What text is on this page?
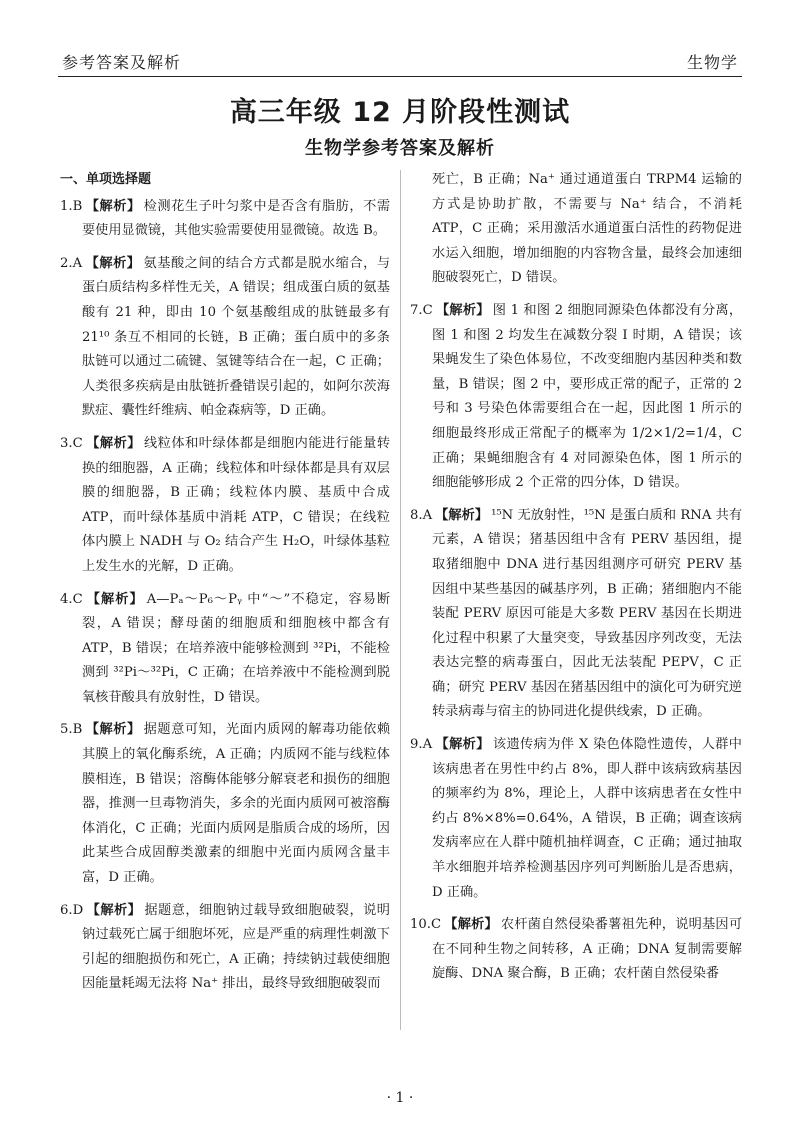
参考答案及解析	生物学
高三年级 12 月阶段性测试
生物学参考答案及解析
一、单项选择题
1.B 【解析】 检测花生子叶匀浆中是否含有脂肪，不需要使用显微镜，其他实验需要使用显微镜。故选 B。
2.A 【解析】 氨基酸之间的结合方式都是脱水缩合，与蛋白质结构多样性无关，A 错误；组成蛋白质的氨基酸有 21 种，即由 10 个氨基酸组成的肽链最多有 21¹⁰ 条互不相同的长链，B 正确；蛋白质中的多条肽链可以通过二硫键、氢键等结合在一起，C 正确；人类很多疾病是由肽链折叠错误引起的，如阿尔茨海默症、囊性纤维病、帕金森病等，D 正确。
3.C 【解析】 线粒体和叶绿体都是细胞内能进行能量转换的细胞器，A 正确；线粒体和叶绿体都是具有双层膜的细胞器，B 正确；线粒体内膜、基质中合成 ATP，而叶绿体基质中消耗 ATP，C 错误；在线粒体内膜上 NADH 与 O₂ 结合产生 H₂O，叶绿体基粒上发生水的光解，D 正确。
4.C 【解析】 A—Pₐ～P₆～Pᵧ 中“～”不稳定，容易断裂，A 错误；酵母菌的细胞质和细胞核中都含有 ATP，B 错误；在培养液中能够检测到 ³²Pi，不能检测到 ³²Pi～³²Pi，C 正确；在培养液中不能检测到脱氧核苷酸具有放射性，D 错误。
5.B 【解析】 据题意可知，光面内质网的解毒功能依赖其膜上的氧化酶系统，A 正确；内质网不能与线粒体膜相连，B 错误；溶酶体能够分解衰老和损伤的细胞器，推测一旦毒物消失，多余的光面内质网可被溶酶体消化，C 正确；光面内质网是脂质合成的场所，因此某些合成固醇类激素的细胞中光面内质网含量丰富，D 正确。
6.D 【解析】 据题意，细胞钠过载导致细胞破裂，说明钠过载死亡属于细胞坏死，应是严重的病理性刺激下引起的细胞损伤和死亡，A 正确；持续钠过载使细胞因能量耗竭无法将 Na⁺ 排出，最终导致细胞破裂而
死亡，B 正确；Na⁺ 通过通道蛋白 TRPM4 运输的方式是协助扩散，不需要与 Na⁺ 结合，不消耗 ATP，C 正确；采用激活水通道蛋白活性的药物促进水运入细胞，增加细胞的内容物含量，最终会加速细胞破裂死亡，D 错误。
7.C 【解析】 图 1 和图 2 细胞同源染色体都没有分离，图 1 和图 2 均发生在减数分裂 Ⅰ 时期，A 错误；该果蝇发生了染色体易位，不改变细胞内基因种类和数量，B 错误；图 2 中，要形成正常的配子，正常的 2 号和 3 号染色体需要组合在一起，因此图 1 所示的细胞最终形成正常配子的概率为 1/2×1/2=1/4，C 正确；果蝇细胞含有 4 对同源染色体，图 1 所示的细胞能够形成 2 个正常的四分体，D 错误。
8.A 【解析】 ¹⁵N 无放射性，¹⁵N 是蛋白质和 RNA 共有元素，A 错误；猪基因组中含有 PERV 基因组，提取猪细胞中 DNA 进行基因组测序可研究 PERV 基因组中某些基因的碱基序列，B 正确；猪细胞内不能装配 PERV 原因可能是大多数 PERV 基因在长期进化过程中积累了大量突变，导致基因序列改变，无法表达完整的病毒蛋白，因此无法装配 PEPV，C 正确；研究 PERV 基因在猪基因组中的演化可为研究逆转录病毒与宿主的协同进化提供线索，D 正确。
9.A 【解析】 该遗传病为伴 X 染色体隐性遗传，人群中该病患者在男性中约占 8%，即人群中该病致病基因的频率约为 8%，理论上，人群中该病患者在女性中约占 8%×8%=0.64%，A 错误，B 正确；调查该病发病率应在人群中随机抽样调查，C 正确；通过抽取羊水细胞并培养检测基因序列可判断胎儿是否患病，D 正确。
10.C 【解析】 农杆菌自然侵染番薯祖先种，说明基因可在不同种生物之间转移，A 正确；DNA 复制需要解旋酶、DNA 聚合酶，B 正确；农杆菌自然侵染番
· 1 ·
